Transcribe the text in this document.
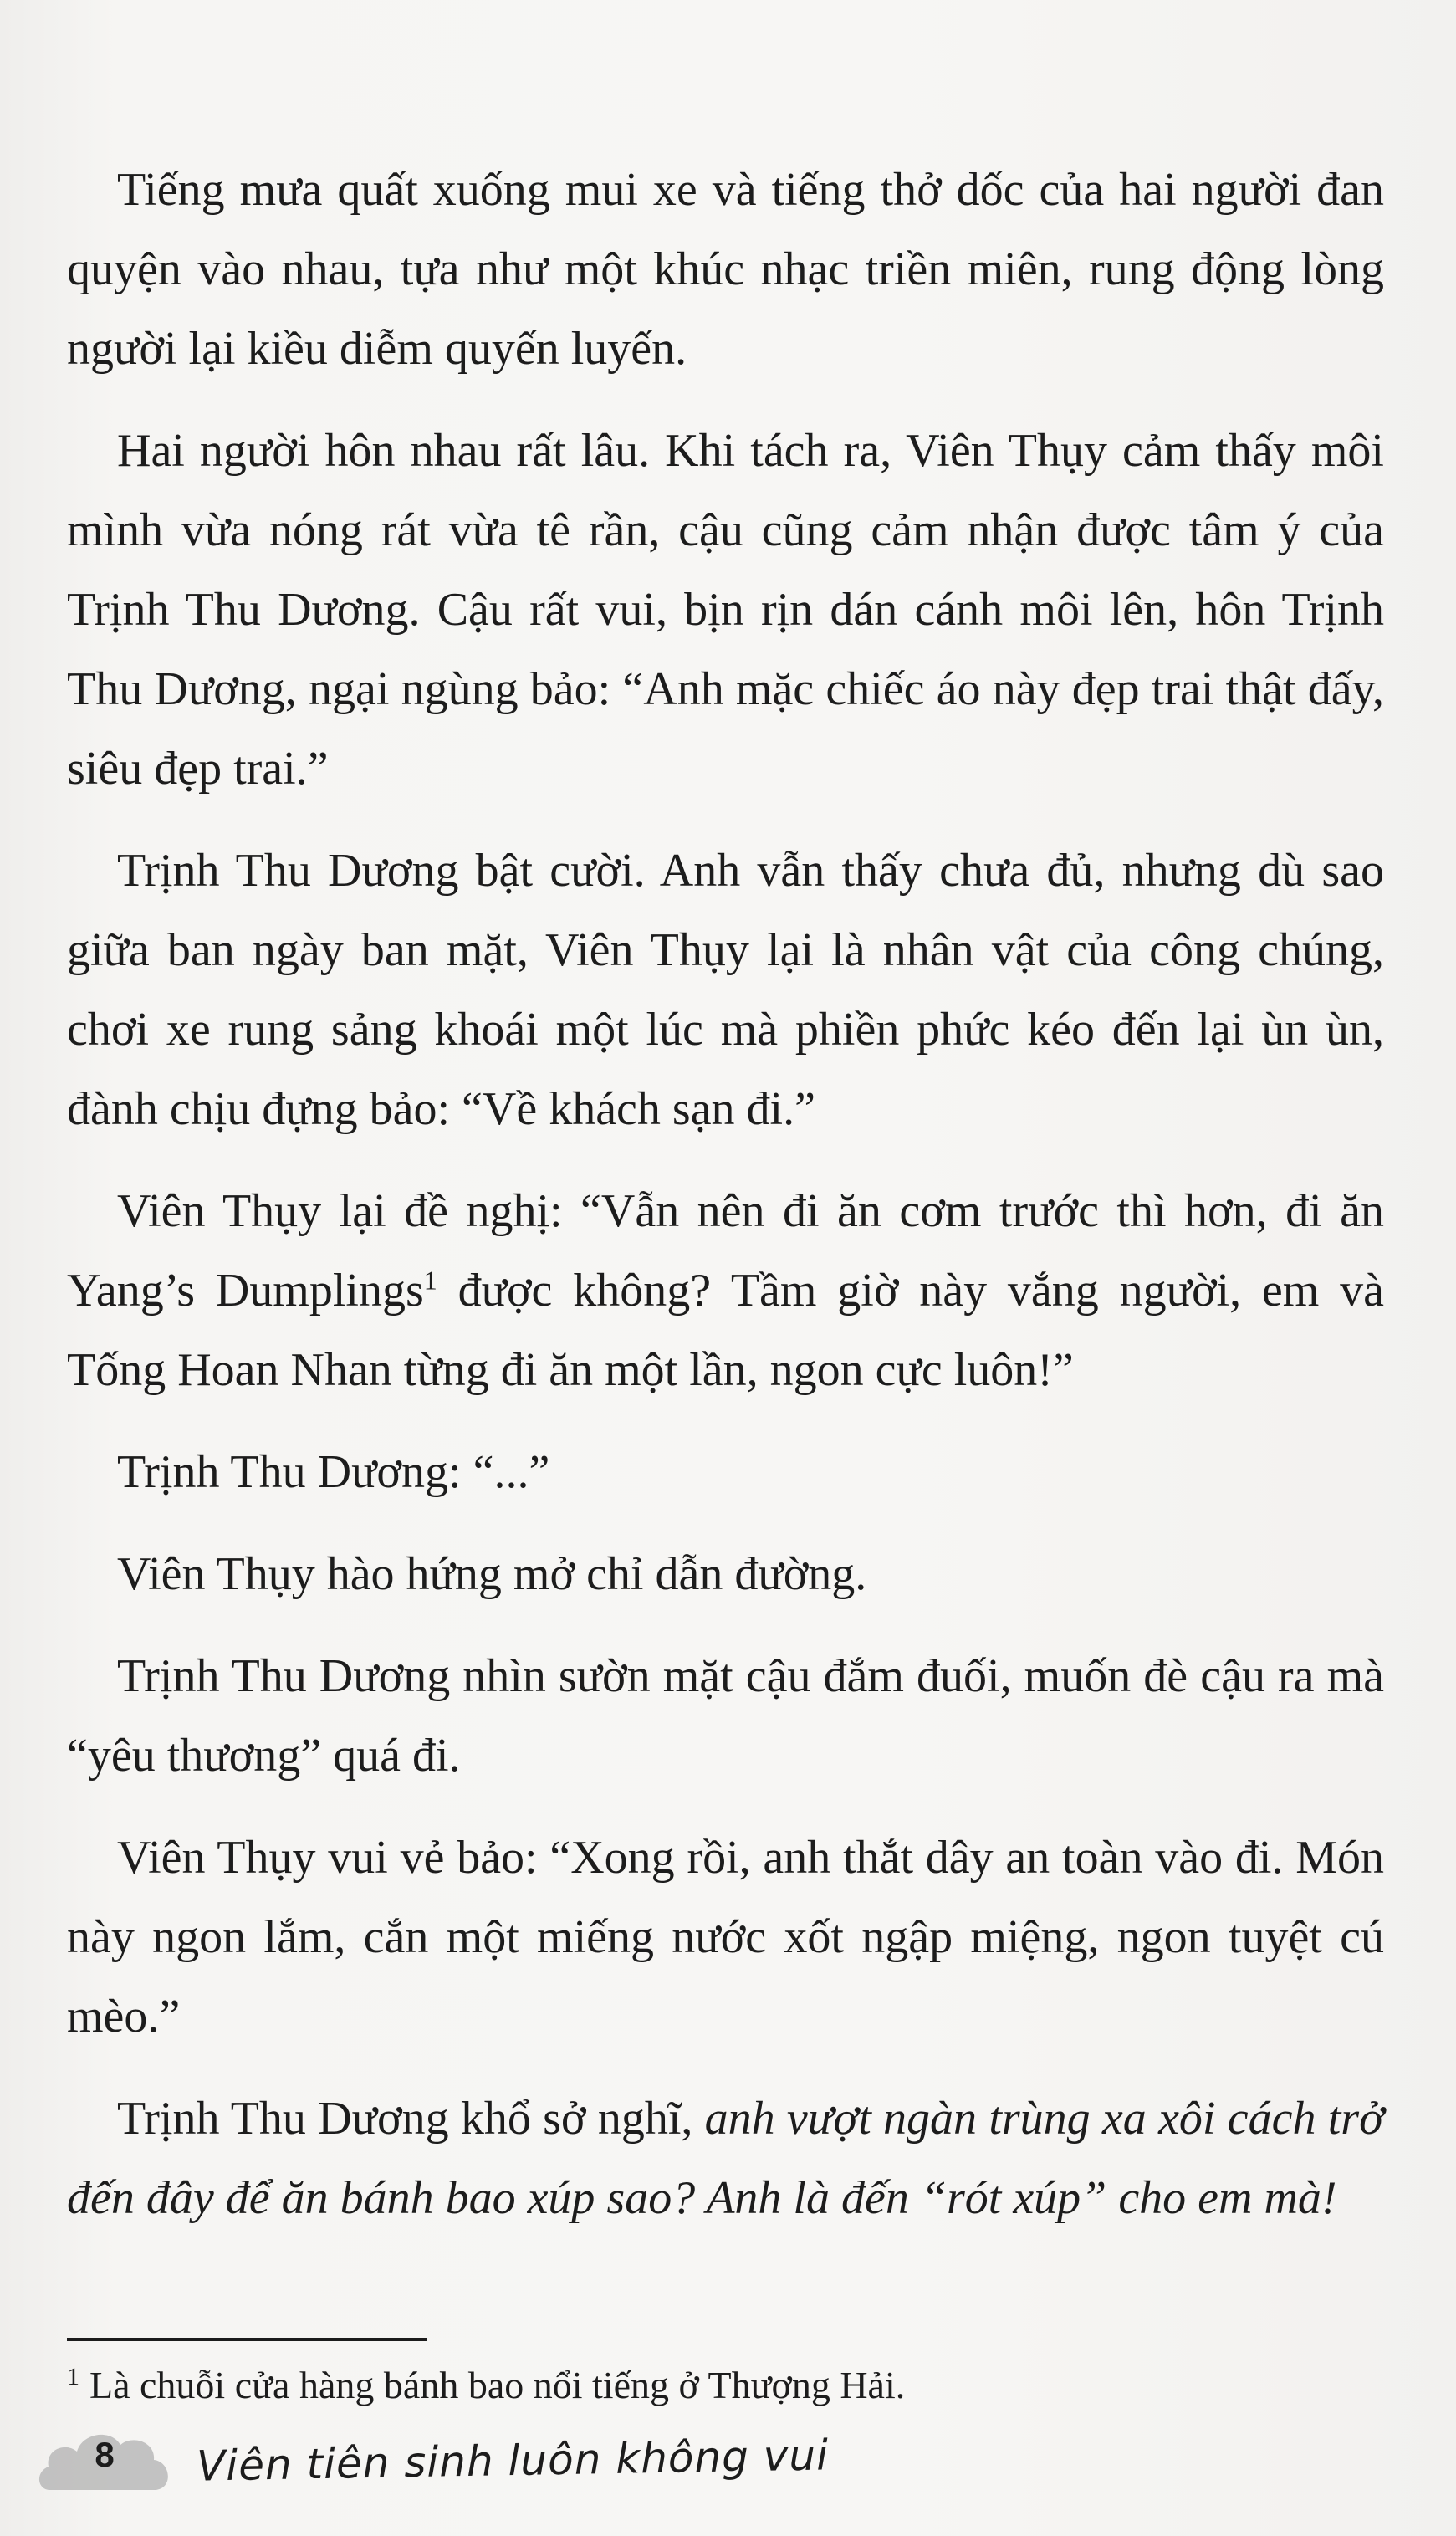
Tiếng mưa quất xuống mui xe và tiếng thở dốc của hai người đan quyện vào nhau, tựa như một khúc nhạc triền miên, rung động lòng người lại kiều diễm quyến luyến.

Hai người hôn nhau rất lâu. Khi tách ra, Viên Thụy cảm thấy môi mình vừa nóng rát vừa tê rần, cậu cũng cảm nhận được tâm ý của Trịnh Thu Dương. Cậu rất vui, bịn rịn dán cánh môi lên, hôn Trịnh Thu Dương, ngại ngùng bảo: “Anh mặc chiếc áo này đẹp trai thật đấy, siêu đẹp trai.”

Trịnh Thu Dương bật cười. Anh vẫn thấy chưa đủ, nhưng dù sao giữa ban ngày ban mặt, Viên Thụy lại là nhân vật của công chúng, chơi xe rung sảng khoái một lúc mà phiền phức kéo đến lại ùn ùn, đành chịu đựng bảo: “Về khách sạn đi.”

Viên Thụy lại đề nghị: “Vẫn nên đi ăn cơm trước thì hơn, đi ăn Yang’s Dumplings$^1$ được không? Tầm giờ này vắng người, em và Tống Hoan Nhan từng đi ăn một lần, ngon cực luôn!”

Trịnh Thu Dương: “...”

Viên Thụy hào hứng mở chỉ dẫn đường.

Trịnh Thu Dương nhìn sườn mặt cậu đắm đuối, muốn đè cậu ra mà “yêu thương” quá đi.

Viên Thụy vui vẻ bảo: “Xong rồi, anh thắt dây an toàn vào đi. Món này ngon lắm, cắn một miếng nước xốt ngập miệng, ngon tuyệt cú mèo.”

Trịnh Thu Dương khổ sở nghĩ, anh vượt ngàn trùng xa xôi cách trở đến đây để ăn bánh bao xúp sao? Anh là đến “rót xúp” cho em mà!

$^1$ Là chuỗi cửa hàng bánh bao nổi tiếng ở Thượng Hải.
8 Viên tiên sinh luôn không vui
